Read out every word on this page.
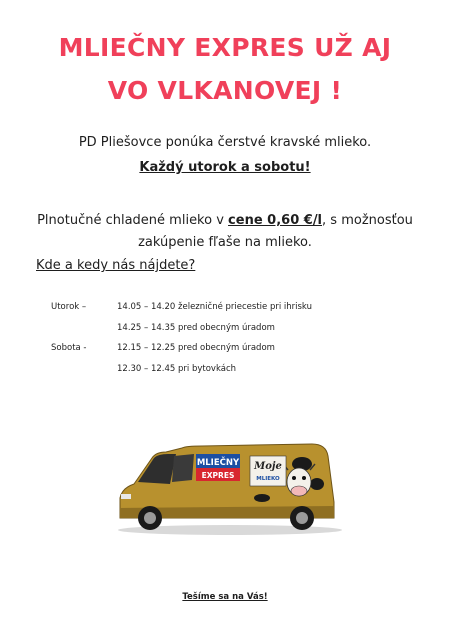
MLIEČNY EXPRES UŽ AJ
VO VLKANOVEJ !
PD Pliešovce ponúka čerstvé kravské mlieko.
Každý utorok a sobotu!
Plnotučné chladené mlieko v cene 0,60 €/l, s možnosťou
zakúpenie fľaše na mlieko.
Kde a kedy nás nájdete?
Utorok –	14.05 – 14.20 železničné priecestie pri ihrisku
14.25 – 14.35 pred obecným úradom
Sobota -	12.15 – 12.25 pred obecným úradom
12.30 – 12.45 pri bytovkách
MLIEČNY
EXPRES
Moje
MLIEKO
Tešíme sa na Vás!
